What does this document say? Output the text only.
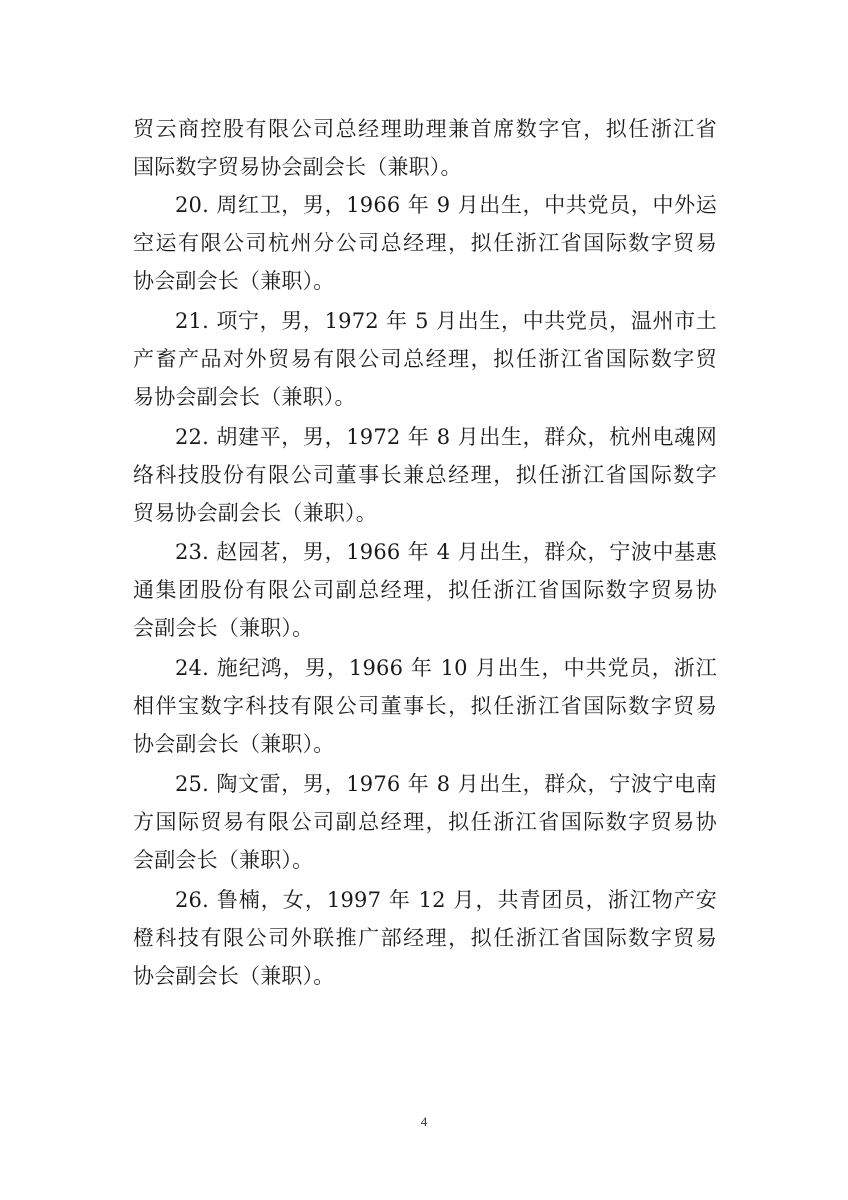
贸云商控股有限公司总经理助理兼首席数字官，拟任浙江省
国际数字贸易协会副会长（兼职）。
20. 周红卫，男，1966 年 9 月出生，中共党员，中外运
空运有限公司杭州分公司总经理，拟任浙江省国际数字贸易
协会副会长（兼职）。
21. 项宁，男，1972 年 5 月出生，中共党员，温州市土
产畜产品对外贸易有限公司总经理，拟任浙江省国际数字贸
易协会副会长（兼职）。
22. 胡建平，男，1972 年 8 月出生，群众，杭州电魂网
络科技股份有限公司董事长兼总经理，拟任浙江省国际数字
贸易协会副会长（兼职）。
23. 赵园茗，男，1966 年 4 月出生，群众，宁波中基惠
通集团股份有限公司副总经理，拟任浙江省国际数字贸易协
会副会长（兼职）。
24. 施纪鸿，男，1966 年 10 月出生，中共党员，浙江
相伴宝数字科技有限公司董事长，拟任浙江省国际数字贸易
协会副会长（兼职）。
25. 陶文雷，男，1976 年 8 月出生，群众，宁波宁电南
方国际贸易有限公司副总经理，拟任浙江省国际数字贸易协
会副会长（兼职）。
26. 鲁楠，女，1997 年 12 月，共青团员，浙江物产安
橙科技有限公司外联推广部经理，拟任浙江省国际数字贸易
协会副会长（兼职）。
4
